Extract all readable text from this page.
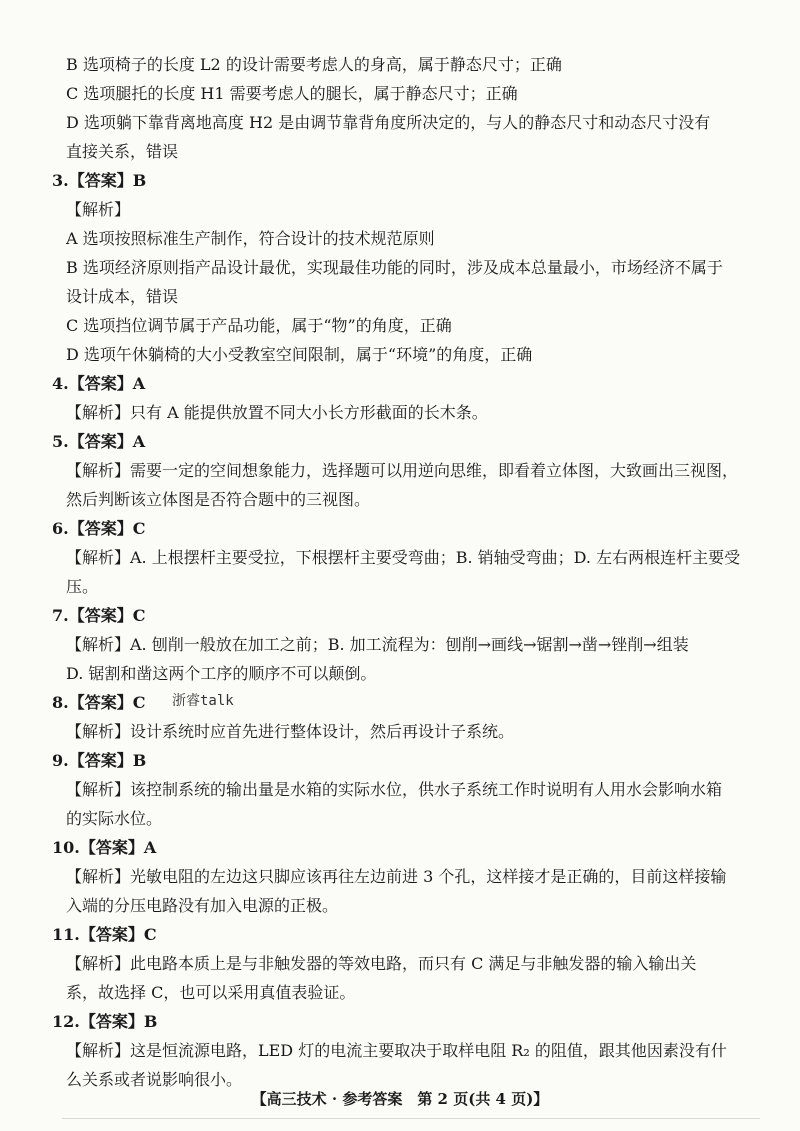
B 选项椅子的长度 L2 的设计需要考虑人的身高，属于静态尺寸；正确
C 选项腿托的长度 H1 需要考虑人的腿长，属于静态尺寸；正确
D 选项躺下靠背离地高度 H2 是由调节靠背角度所决定的，与人的静态尺寸和动态尺寸没有
直接关系，错误
3.【答案】B
【解析】
A 选项按照标准生产制作，符合设计的技术规范原则
B 选项经济原则指产品设计最优，实现最佳功能的同时，涉及成本总量最小，市场经济不属于
设计成本，错误
C 选项挡位调节属于产品功能，属于“物”的角度，正确
D 选项午休躺椅的大小受教室空间限制，属于“环境”的角度，正确
4.【答案】A
【解析】只有 A 能提供放置不同大小长方形截面的长木条。
5.【答案】A
【解析】需要一定的空间想象能力，选择题可以用逆向思维，即看着立体图，大致画出三视图，
然后判断该立体图是否符合题中的三视图。
6.【答案】C
【解析】A. 上根摆杆主要受拉，下根摆杆主要受弯曲；B. 销轴受弯曲；D. 左右两根连杆主要受
压。
7.【答案】C
【解析】A. 刨削一般放在加工之前；B. 加工流程为：刨削→画线→锯割→凿→锉削→组装
D. 锯割和凿这两个工序的顺序不可以颠倒。
8.【答案】C
【解析】设计系统时应首先进行整体设计，然后再设计子系统。
9.【答案】B
【解析】该控制系统的输出量是水箱的实际水位，供水子系统工作时说明有人用水会影响水箱
的实际水位。
10.【答案】A
【解析】光敏电阻的左边这只脚应该再往左边前进 3 个孔，这样接才是正确的，目前这样接输
入端的分压电路没有加入电源的正极。
11.【答案】C
【解析】此电路本质上是与非触发器的等效电路，而只有 C 满足与非触发器的输入输出关
系，故选择 C，也可以采用真值表验证。
12.【答案】B
【解析】这是恒流源电路，LED 灯的电流主要取决于取样电阻 R₂ 的阻值，跟其他因素没有什
么关系或者说影响很小。
浙睿talk
【高三技术 · 参考答案　第 2 页(共 4 页)】
